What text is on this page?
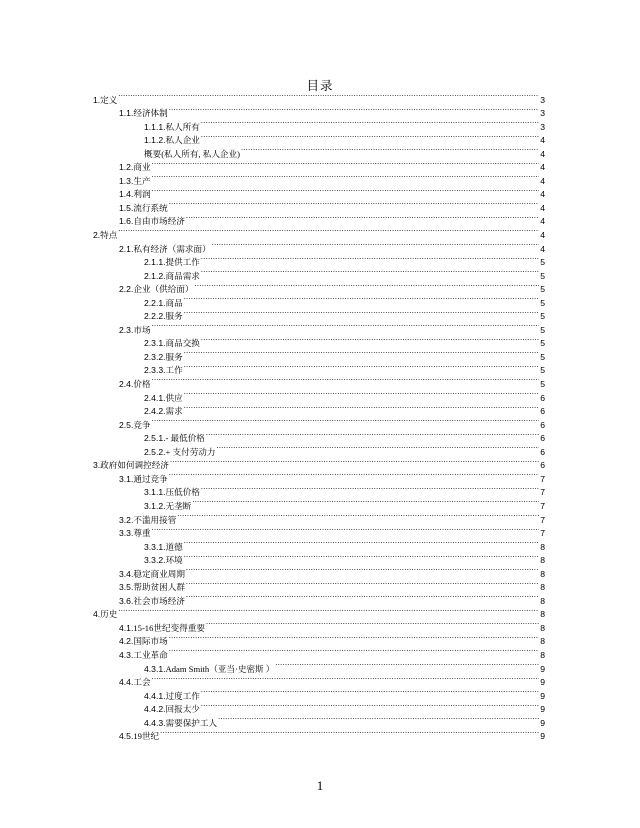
目录
1. 定义 .....	3
1.1. 经济体制 .....	3
1.1.1. 私人所有 .....	3
1.1.2. 私人企业 .....	4
概要(私人所有, 私人企业) .....	4
1.2. 商业 .....	4
1.3. 生产 .....	4
1.4. 利润 .....	4
1.5. 流行系统 .....	4
1.6. 自由市场经济 .....	4
2. 特点 .....	4
2.1. 私有经济（需求面） .....	4
2.1.1. 提供工作 .....	5
2.1.2. 商品需求 .....	5
2.2. 企业（供给面） .....	5
2.2.1. 商品 .....	5
2.2.2. 服务 .....	5
2.3. 市场 .....	5
2.3.1. 商品交换 .....	5
2.3.2. 服务 .....	5
2.3.3. 工作 .....	5
2.4. 价格 .....	5
2.4.1. 供应 .....	6
2.4.2. 需求 .....	6
2.5. 竞争 .....	6
2.5.1. - 最低价格 .....	6
2.5.2. + 支付劳动力 .....	6
3. 政府如何调控经济 .....	6
3.1. 通过竞争 .....	7
3.1.1. 压低价格 .....	7
3.1.2. 无垄断 .....	7
3.2. 不滥用接管 .....	7
3.3. 尊重 .....	7
3.3.1. 道德 .....	8
3.3.2. 环境 .....	8
3.4. 稳定商业周期 .....	8
3.5. 帮助贫困人群 .....	8
3.6. 社会市场经济 .....	8
4. 历史 .....	8
4.1. 15-16世纪变得重要 .....	8
4.2. 国际市场 .....	8
4.3. 工业革命 .....	8
4.3.1. Adam Smith（亚当·史密斯 ） .....	9
4.4. 工会 .....	9
4.4.1. 过度工作 .....	9
4.4.2. 回报太少 .....	9
4.4.3. 需要保护工人 .....	9
4.5. 19世纪 .....	9
1
